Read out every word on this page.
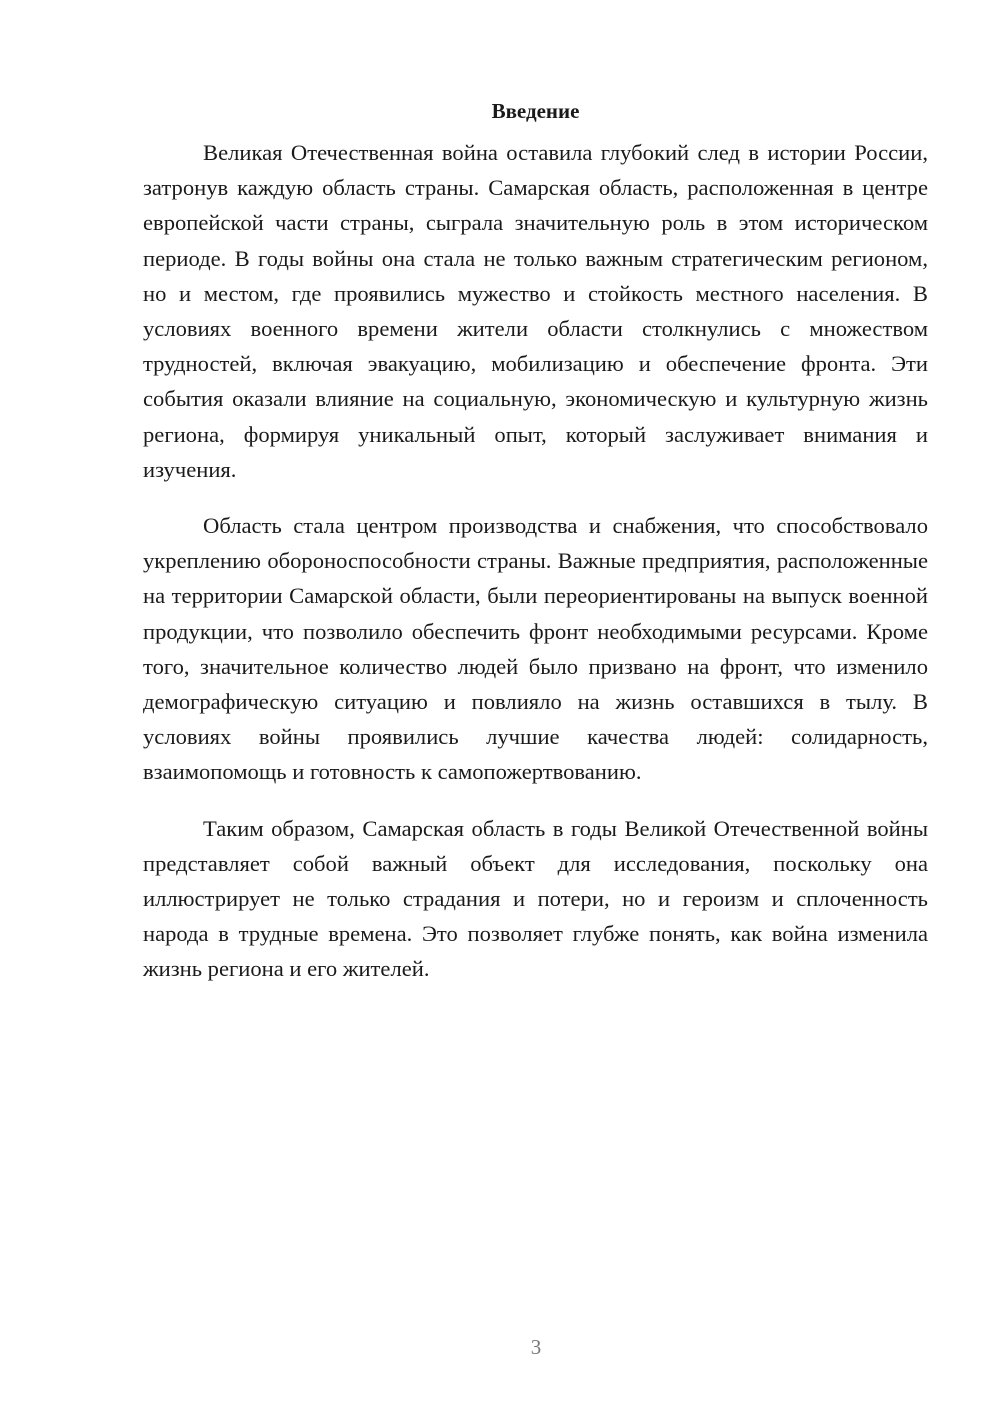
Введение

Великая Отечественная война оставила глубокий след в истории России, затронув каждую область страны. Самарская область, расположенная в центре европейской части страны, сыграла значительную роль в этом историческом периоде. В годы войны она стала не только важным стратегическим регионом, но и местом, где проявились мужество и стойкость местного населения. В условиях военного времени жители области столкнулись с множеством трудностей, включая эвакуацию, мобилизацию и обеспечение фронта. Эти события оказали влияние на социальную, экономическую и культурную жизнь региона, формируя уникальный опыт, который заслуживает внимания и изучения.

Область стала центром производства и снабжения, что способствовало укреплению обороноспособности страны. Важные предприятия, расположенные на территории Самарской области, были переориентированы на выпуск военной продукции, что позволило обеспечить фронт необходимыми ресурсами. Кроме того, значительное количество людей было призвано на фронт, что изменило демографическую ситуацию и повлияло на жизнь оставшихся в тылу. В условиях войны проявились лучшие качества людей: солидарность, взаимопомощь и готовность к самопожертвованию.

Таким образом, Самарская область в годы Великой Отечественной войны представляет собой важный объект для исследования, поскольку она иллюстрирует не только страдания и потери, но и героизм и сплоченность народа в трудные времена. Это позволяет глубже понять, как война изменила жизнь региона и его жителей.

3
